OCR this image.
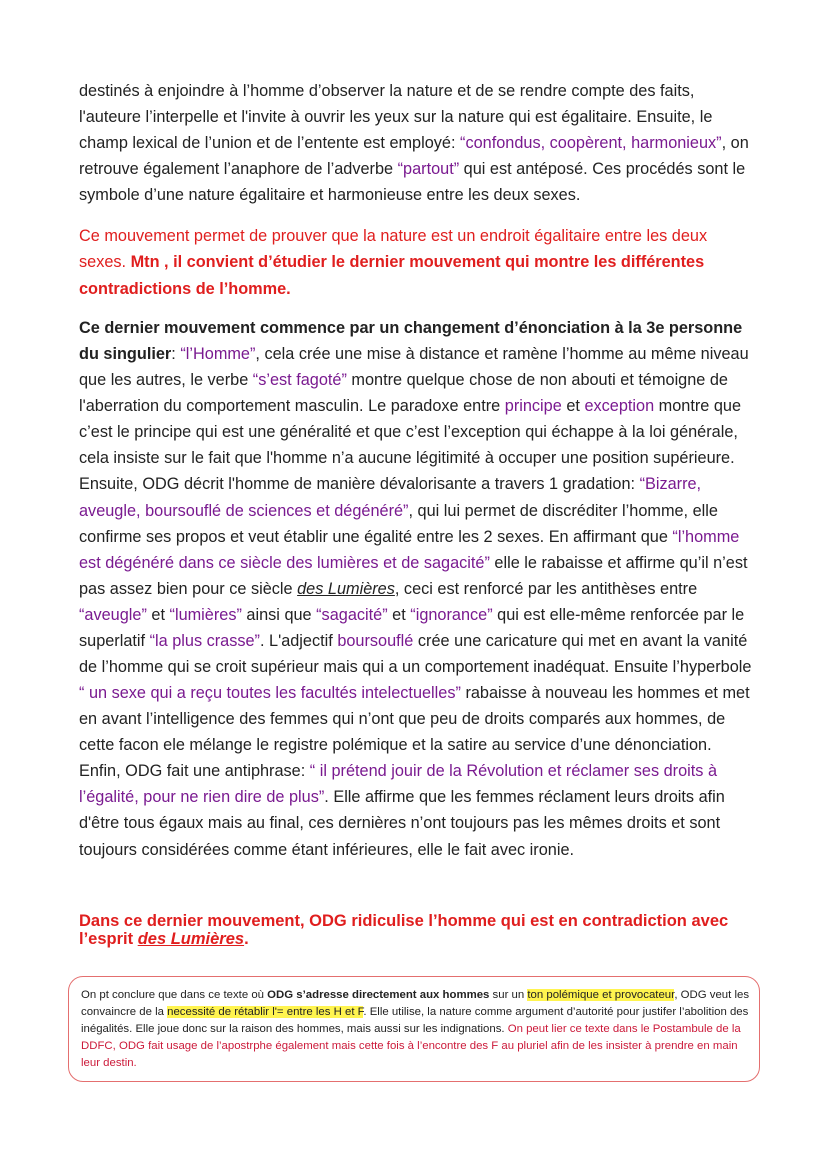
destinés à enjoindre à l’homme d’observer la nature et de se rendre compte des faits, l'auteure l’interpelle et l'invite à ouvrir les yeux sur la nature qui est égalitaire. Ensuite, le champ lexical de l’union et de l’entente est employé: “confondus, coopèrent, harmonieux”, on retrouve également l’anaphore de l’adverbe “partout” qui est antéposé. Ces procédés sont le symbole d’une nature égalitaire et harmonieuse entre les deux sexes.

Ce mouvement permet de prouver que la nature est un endroit égalitaire entre les deux sexes. Mtn , il convient d’étudier le dernier mouvement qui montre les différentes contradictions de l’homme.

Ce dernier mouvement commence par un changement d’énonciation à la 3e personne du singulier: “l’Homme”, cela crée une mise à distance et ramène l’homme au même niveau que les autres, le verbe “s’est fagoté” montre quelque chose de non abouti et témoigne de l'aberration du comportement masculin. Le paradoxe entre principe et exception montre que c’est le principe qui est une généralité et que c’est l’exception qui échappe à la loi générale, cela insiste sur le fait que l'homme n’a aucune légitimité à occuper une position supérieure. Ensuite, ODG décrit l'homme de manière dévalorisante a travers 1 gradation: “Bizarre, aveugle, boursouflé de sciences et dégénéré”, qui lui permet de discréditer l’homme, elle confirme ses propos et veut établir une égalité entre les 2 sexes. En affirmant que “l’homme est dégénéré dans ce siècle des lumières et de sagacité” elle le rabaisse et affirme qu’il n’est pas assez bien pour ce siècle des Lumières, ceci est renforcé par les antithèses entre “aveugle” et “lumières” ainsi que “sagacité” et “ignorance” qui est elle-même renforcée par le superlatif “la plus crasse”. L'adjectif boursouflé crée une caricature qui met en avant la vanité de l’homme qui se croit supérieur mais qui a un comportement inadéquat. Ensuite l’hyperbole “ un sexe qui a reçu toutes les facultés intelectuelles” rabaisse à nouveau les hommes et met en avant l’intelligence des femmes qui n’ont que peu de droits comparés aux hommes, de cette facon ele mélange le registre polémique et la satire au service d’une dénonciation. Enfin, ODG fait une antiphrase: “ il prétend jouir de la Révolution et réclamer ses droits à l’égalité, pour ne rien dire de plus”. Elle affirme que les femmes réclament leurs droits afin d'être tous égaux mais au final, ces dernières n’ont toujours pas les mêmes droits et sont toujours considérées comme étant inférieures, elle le fait avec ironie.

Dans ce dernier mouvement, ODG ridiculise l’homme qui est en contradiction avec l’esprit des Lumières.

On pt conclure que dans ce texte où ODG s’adresse directement aux hommes sur un ton polémique et provocateur, ODG veut les convaincre de la necessité de rétablir l'= entre les H et F. Elle utilise, la nature comme argument d’autorité pour justifer l’abolition des inégalités. Elle joue donc sur la raison des hommes, mais aussi sur les indignations. On peut lier ce texte dans le Postambule de la DDFC, ODG fait usage de l’apostrphe également mais cette fois à l’encontre des F au pluriel afin de les insister à prendre en main leur destin.
